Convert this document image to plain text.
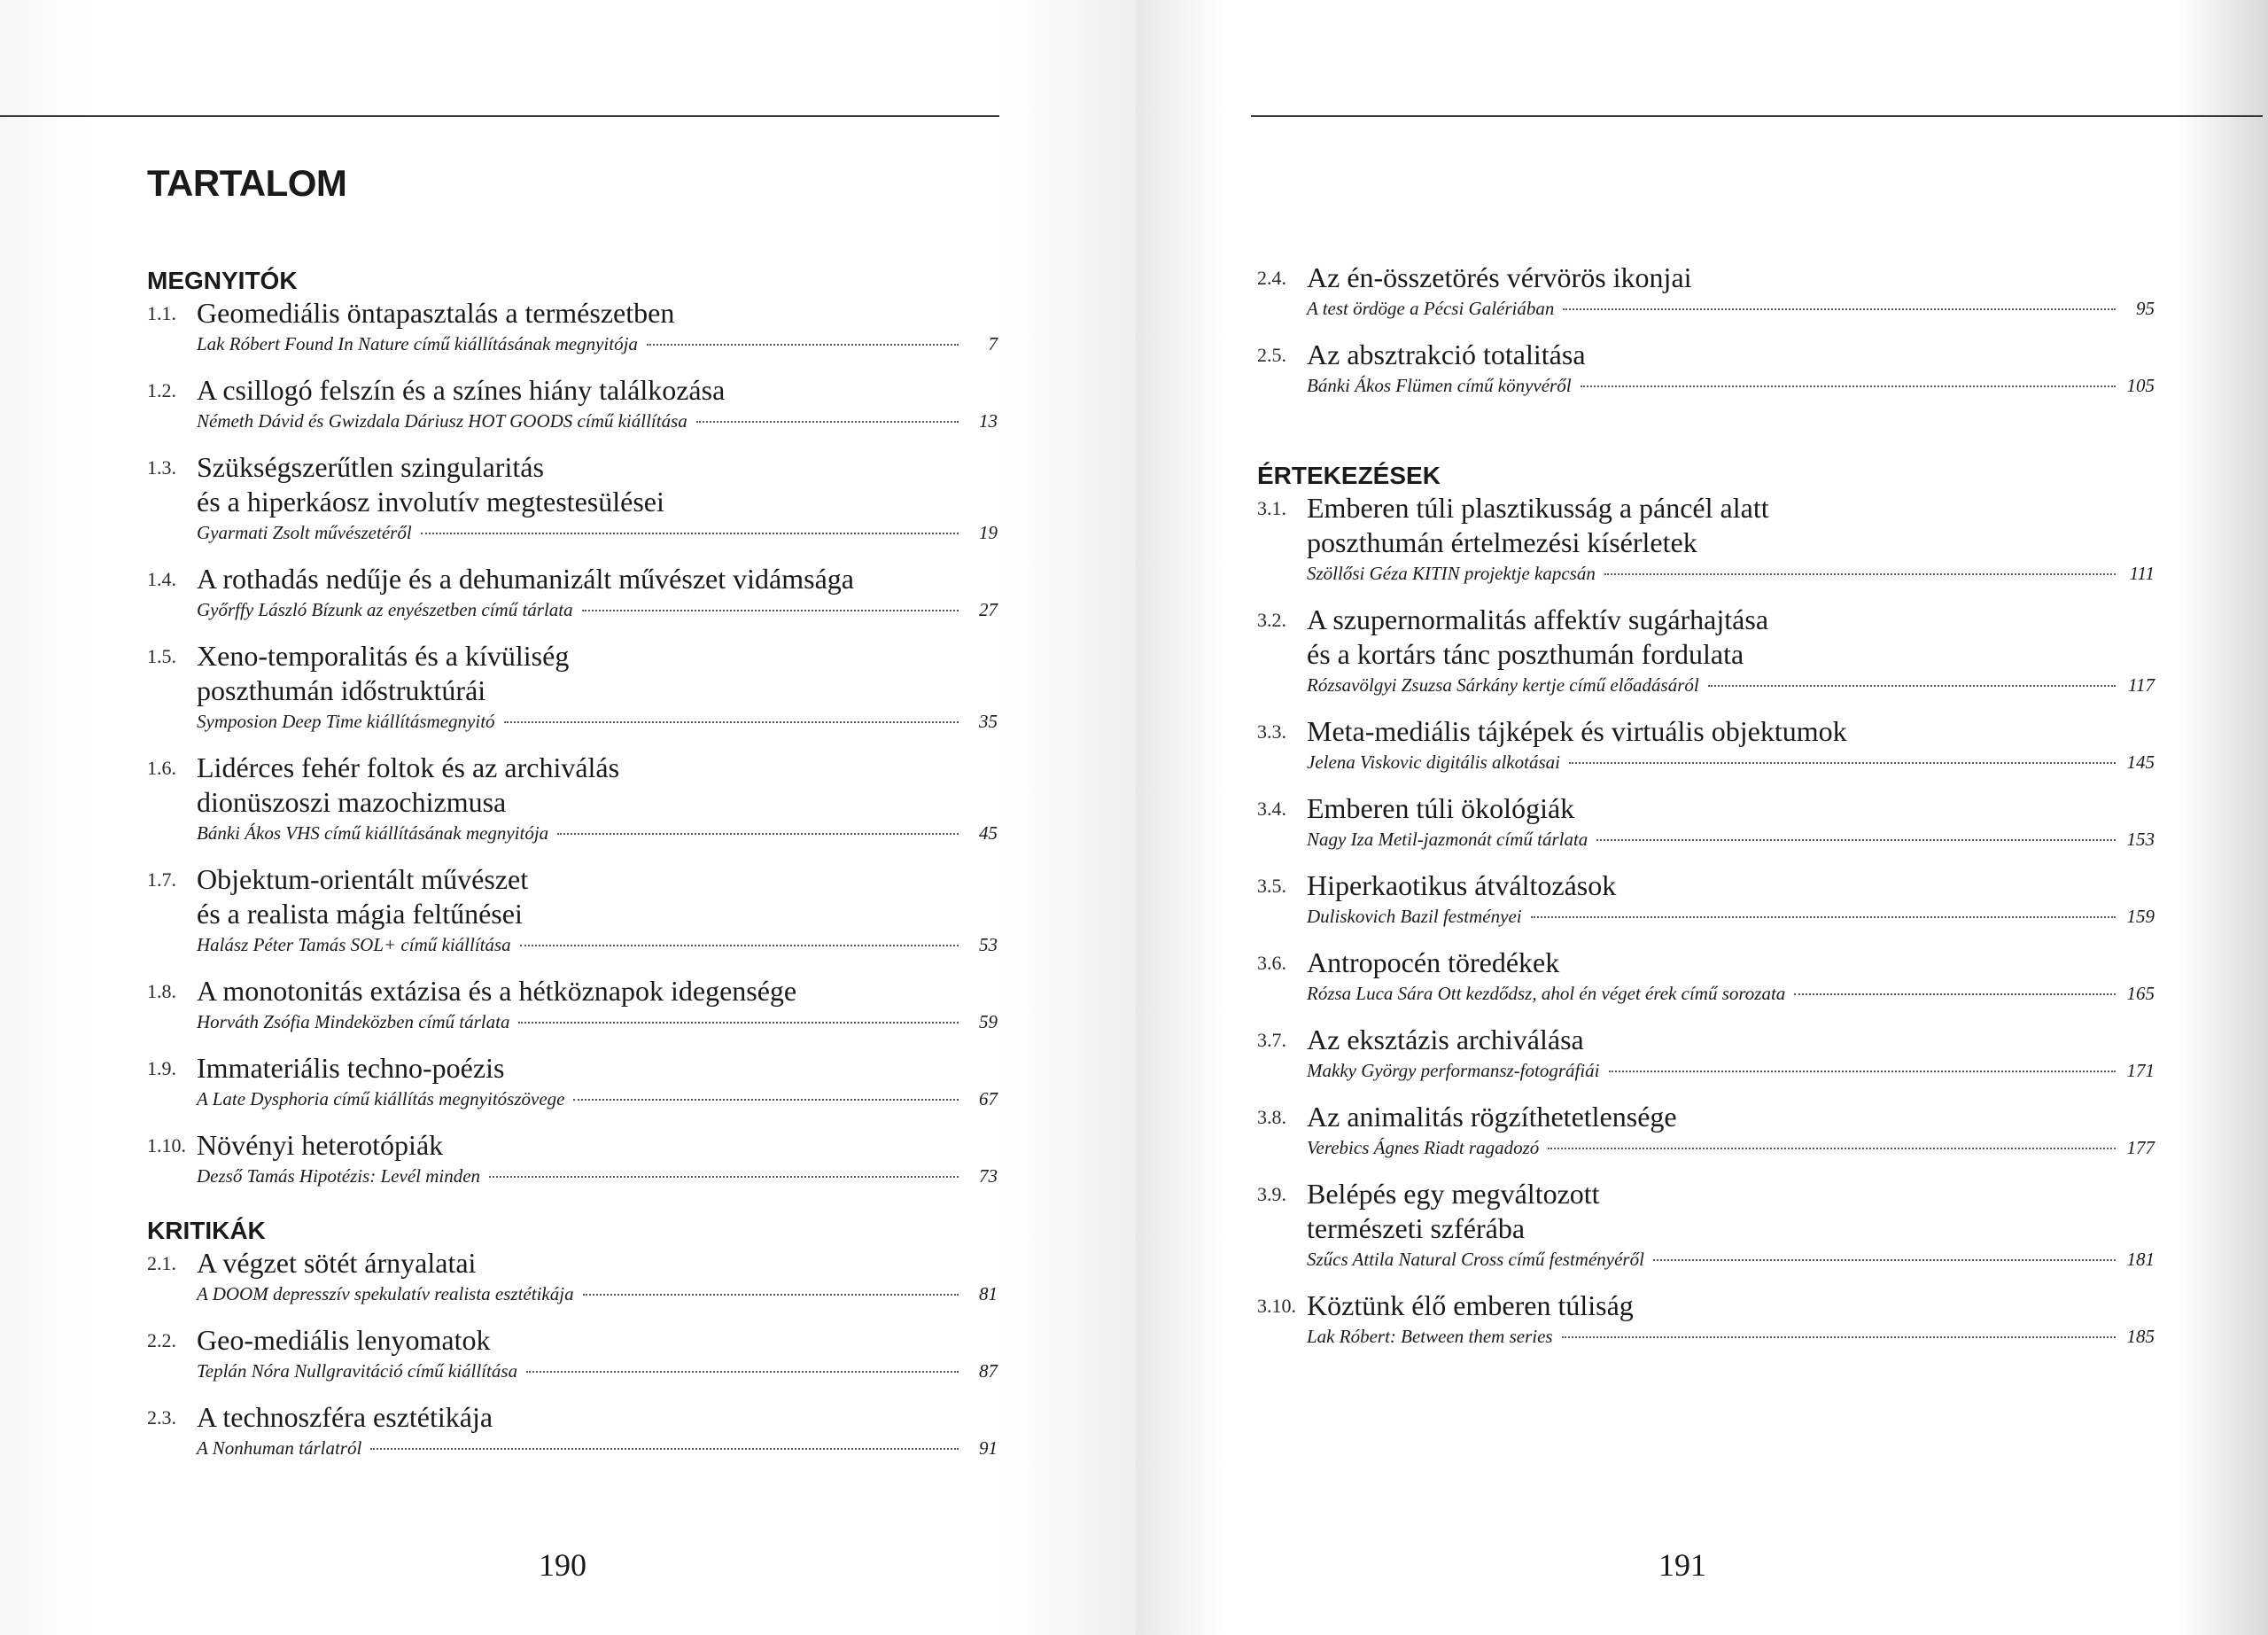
TARTALOM
MEGNYITÓK
1.1. Geomediális öntapasztalás a természetben
Lak Róbert Found In Nature című kiállításának megnyitója	7
1.2. A csillogó felszín és a színes hiány találkozása
Németh Dávid és Gwizdala Dáriusz HOT GOODS című kiállítása	13
1.3. Szükségszerűtlen szingularitás
és a hiperkáosz involutív megtestesülései
Gyarmati Zsolt művészetéről	19
1.4. A rothadás nedűje és a dehumanizált művészet vidámsága
Győrffy László Bízunk az enyészetben című tárlata	27
1.5. Xeno-temporalitás és a kívüliség
poszthumán időstruktúrái
Symposion Deep Time kiállításmegnyitó	35
1.6. Lidérces fehér foltok és az archiválás
dionüszoszi mazochizmusa
Bánki Ákos VHS című kiállításának megnyitója	45
1.7. Objektum-orientált művészet
és a realista mágia feltűnései
Halász Péter Tamás SOL+ című kiállítása	53
1.8. A monotonitás extázisa és a hétköznapok idegensége
Horváth Zsófia Mindeközben című tárlata	59
1.9. Immateriális techno-poézis
A Late Dysphoria című kiállítás megnyitószövege	67
1.10. Növényi heterotópiák
Dezső Tamás Hipotézis: Levél minden	73
KRITIKÁK
2.1. A végzet sötét árnyalatai
A DOOM depresszív spekulatív realista esztétikája	81
2.2. Geo-mediális lenyomatok
Teplán Nóra Nullgravitáció című kiállítása	87
2.3. A technoszféra esztétikája
A Nonhuman tárlatról	91
190
2.4. Az én-összetörés vérvörös ikonjai
A test ördöge a Pécsi Galériában	95
2.5. Az absztrakció totalitása
Bánki Ákos Flümen című könyvéről	105
ÉRTEKEZÉSEK
3.1. Emberen túli plasztikusság a páncél alatt
poszthumán értelmezési kísérletek
Szöllősi Géza KITIN projektje kapcsán	111
3.2. A szupernormalitás affektív sugárhajtása
és a kortárs tánc poszthumán fordulata
Rózsavölgyi Zsuzsa Sárkány kertje című előadásáról	117
3.3. Meta-mediális tájképek és virtuális objektumok
Jelena Viskovic digitális alkotásai	145
3.4. Emberen túli ökológiák
Nagy Iza Metil-jazmonát című tárlata	153
3.5. Hiperkaotikus átváltozások
Duliskovich Bazil festményei	159
3.6. Antropocén töredékek
Rózsa Luca Sára Ott kezdődsz, ahol én véget érek című sorozata	165
3.7. Az eksztázis archiválása
Makky György performansz-fotográfiái	171
3.8. Az animalitás rögzíthetetlensége
Verebics Ágnes Riadt ragadozó	177
3.9. Belépés egy megváltozott
természeti szférába
Szűcs Attila Natural Cross című festményéről	181
3.10. Köztünk élő emberen túliság
Lak Róbert: Between them series	185
191
